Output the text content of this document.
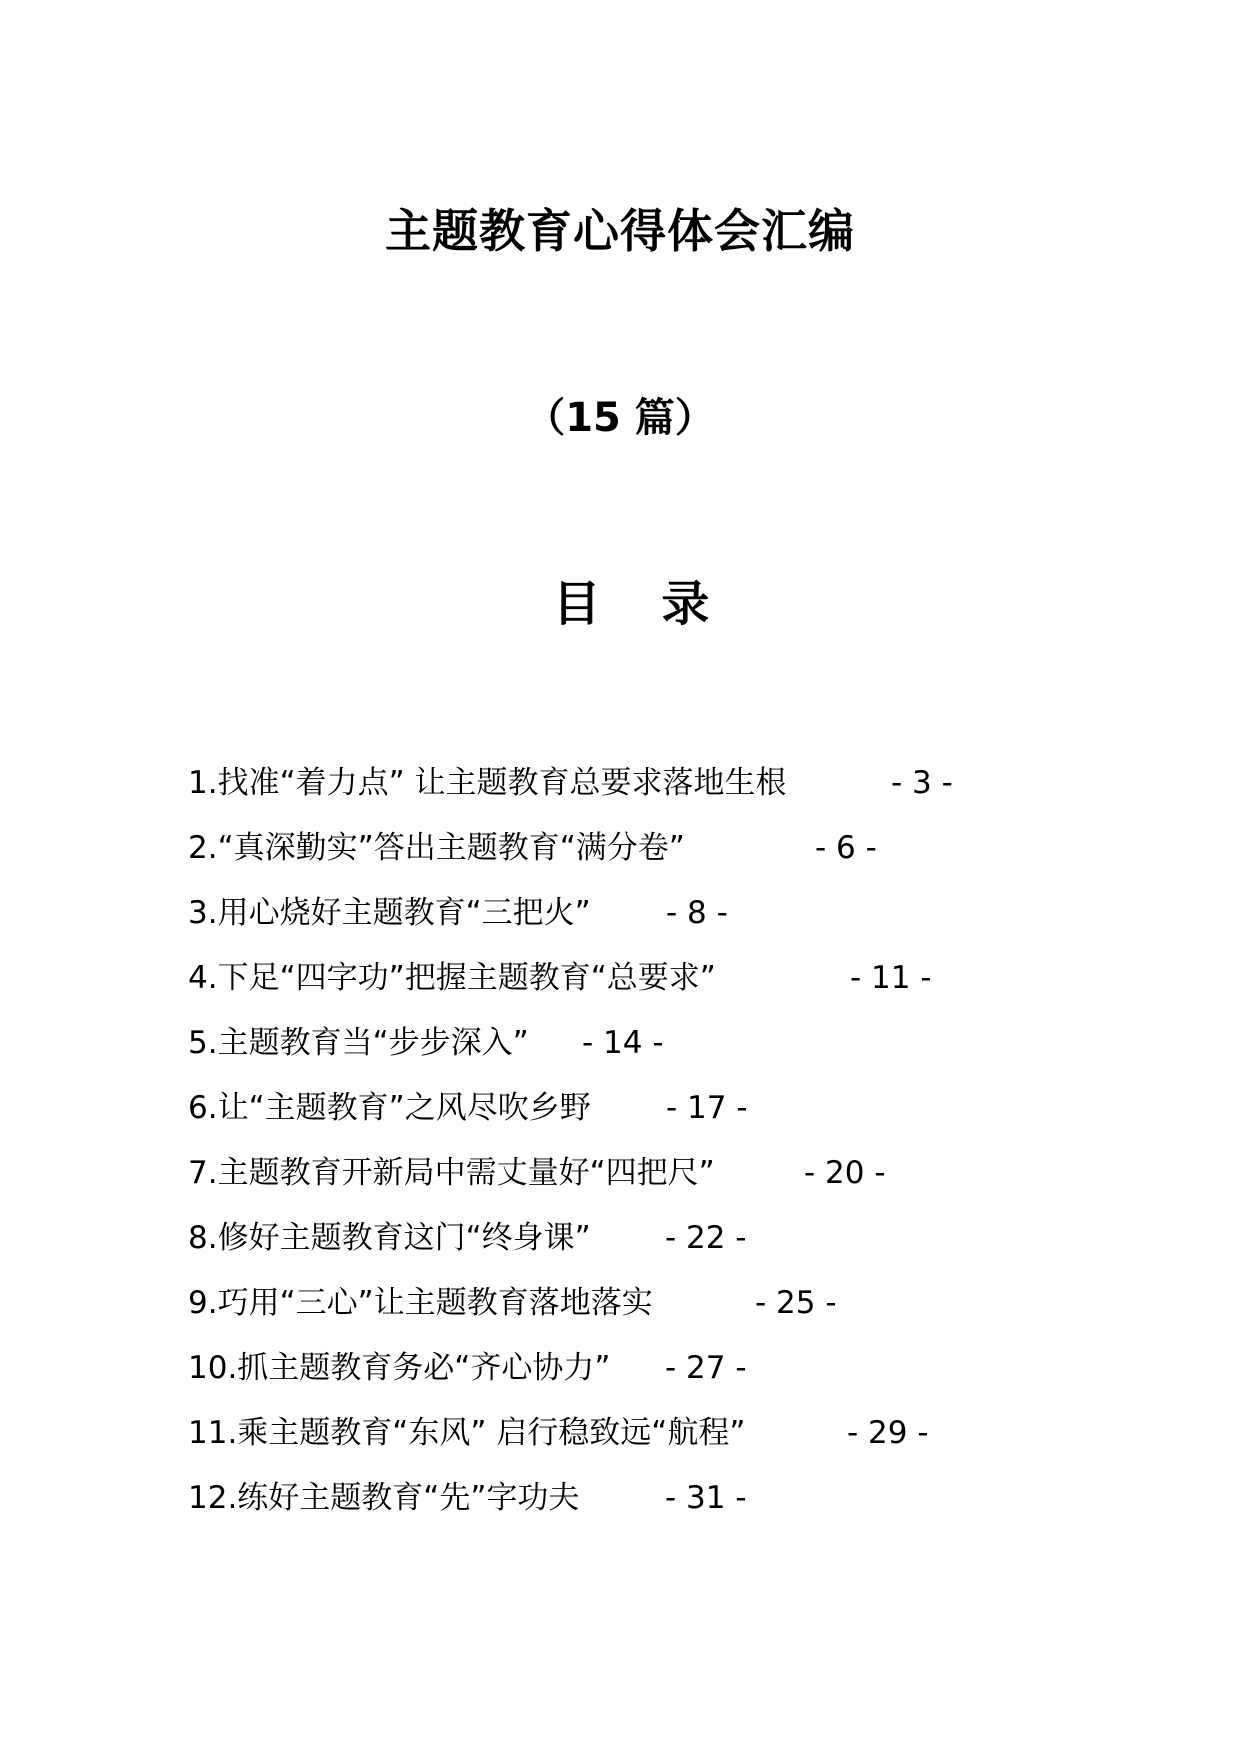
主题教育心得体会汇编
（15 篇）
目 录
1.找准“着力点” 让主题教育总要求落地生根	- 3 -
2.“真深勤实”答出主题教育“满分卷”	- 6 -
3.用心烧好主题教育“三把火” - 8 -
4.下足“四字功”把握主题教育“总要求”	- 11 -
5.主题教育当“步步深入” - 14 -
6.让“主题教育”之风尽吹乡野 - 17 -
7.主题教育开新局中需丈量好“四把尺”	- 20 -
8.修好主题教育这门“终身课” - 22 -
9.巧用“三心”让主题教育落地落实	- 25 -
10.抓主题教育务必“齐心协力” - 27 -
11.乘主题教育“东风” 启行稳致远“航程”	- 29 -
12.练好主题教育“先”字功夫	- 31 -
